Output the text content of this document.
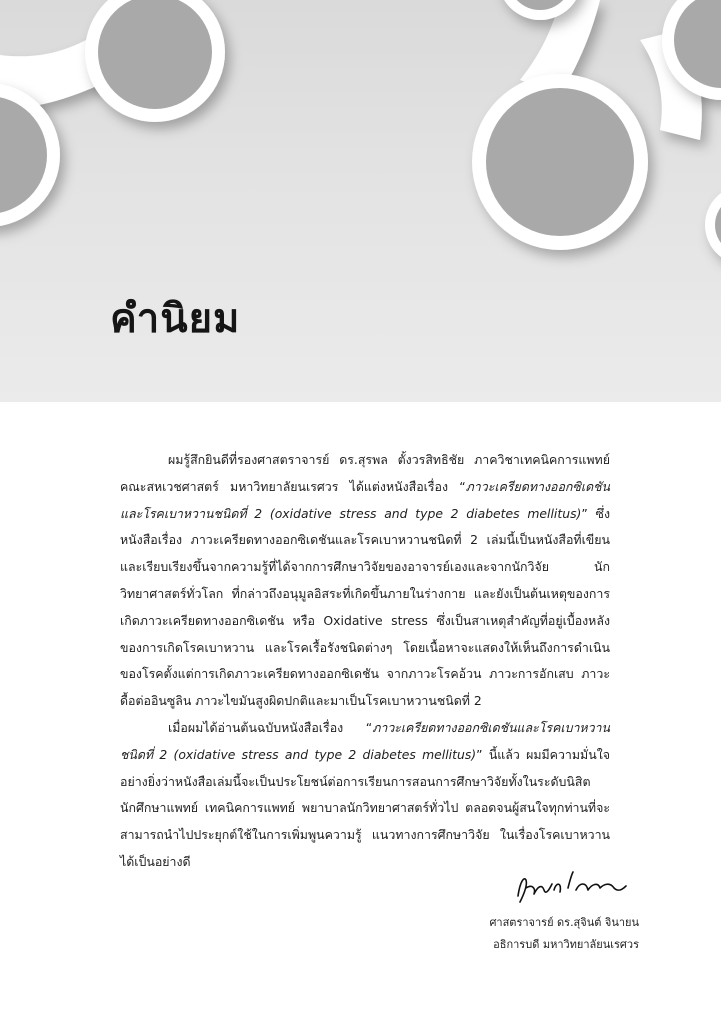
คำนิยม

ผมรู้สึกยินดีที่รองศาสตราจารย์ ดร.สุรพล ตั้งวรสิทธิชัย ภาควิชาเทคนิคการแพทย์ คณะสหเวชศาสตร์ มหาวิทยาลัยนเรศวร ได้แต่งหนังสือเรื่อง “ภาวะเครียดทางออกซิเดชันและโรคเบาหวานชนิดที่ 2 (oxidative stress and type 2 diabetes mellitus)” ซึ่งหนังสือเรื่อง ภาวะเครียดทางออกซิเดชันและโรคเบาหวานชนิดที่ 2 เล่มนี้เป็นหนังสือที่เขียนและเรียบเรียงขึ้นจากความรู้ที่ได้จากการศึกษาวิจัยของอาจารย์เองและจากนักวิจัย นักวิทยาศาสตร์ทั่วโลก ที่กล่าวถึงอนุมูลอิสระที่เกิดขึ้นภายในร่างกาย และยังเป็นต้นเหตุของการเกิดภาวะเครียดทางออกซิเดชัน หรือ Oxidative stress ซึ่งเป็นสาเหตุสำคัญที่อยู่เบื้องหลังของการเกิดโรคเบาหวาน และโรคเรื้อรังชนิดต่างๆ โดยเนื้อหาจะแสดงให้เห็นถึงการดำเนินของโรคตั้งแต่การเกิดภาวะเครียดทางออกซิเดชัน จากภาวะโรคอ้วน ภาวะการอักเสบ ภาวะดื้อต่ออินซูลิน ภาวะไขมันสูงผิดปกติและมาเป็นโรคเบาหวานชนิดที่ 2

เมื่อผมได้อ่านต้นฉบับหนังสือเรื่อง “ภาวะเครียดทางออกซิเดชันและโรคเบาหวานชนิดที่ 2 (oxidative stress and type 2 diabetes mellitus)” นี้แล้ว ผมมีความมั่นใจอย่างยิ่งว่าหนังสือเล่มนี้จะเป็นประโยชน์ต่อการเรียนการสอนการศึกษาวิจัยทั้งในระดับนิสิต นักศึกษาแพทย์ เทคนิคการแพทย์ พยาบาลนักวิทยาศาสตร์ทั่วไป ตลอดจนผู้สนใจทุกท่านที่จะสามารถนำไปประยุกต์ใช้ในการเพิ่มพูนความรู้ แนวทางการศึกษาวิจัย ในเรื่องโรคเบาหวานได้เป็นอย่างดี

ศาสตราจารย์ ดร.สุจินต์ จินายน
อธิการบดี มหาวิทยาลัยนเรศวร
